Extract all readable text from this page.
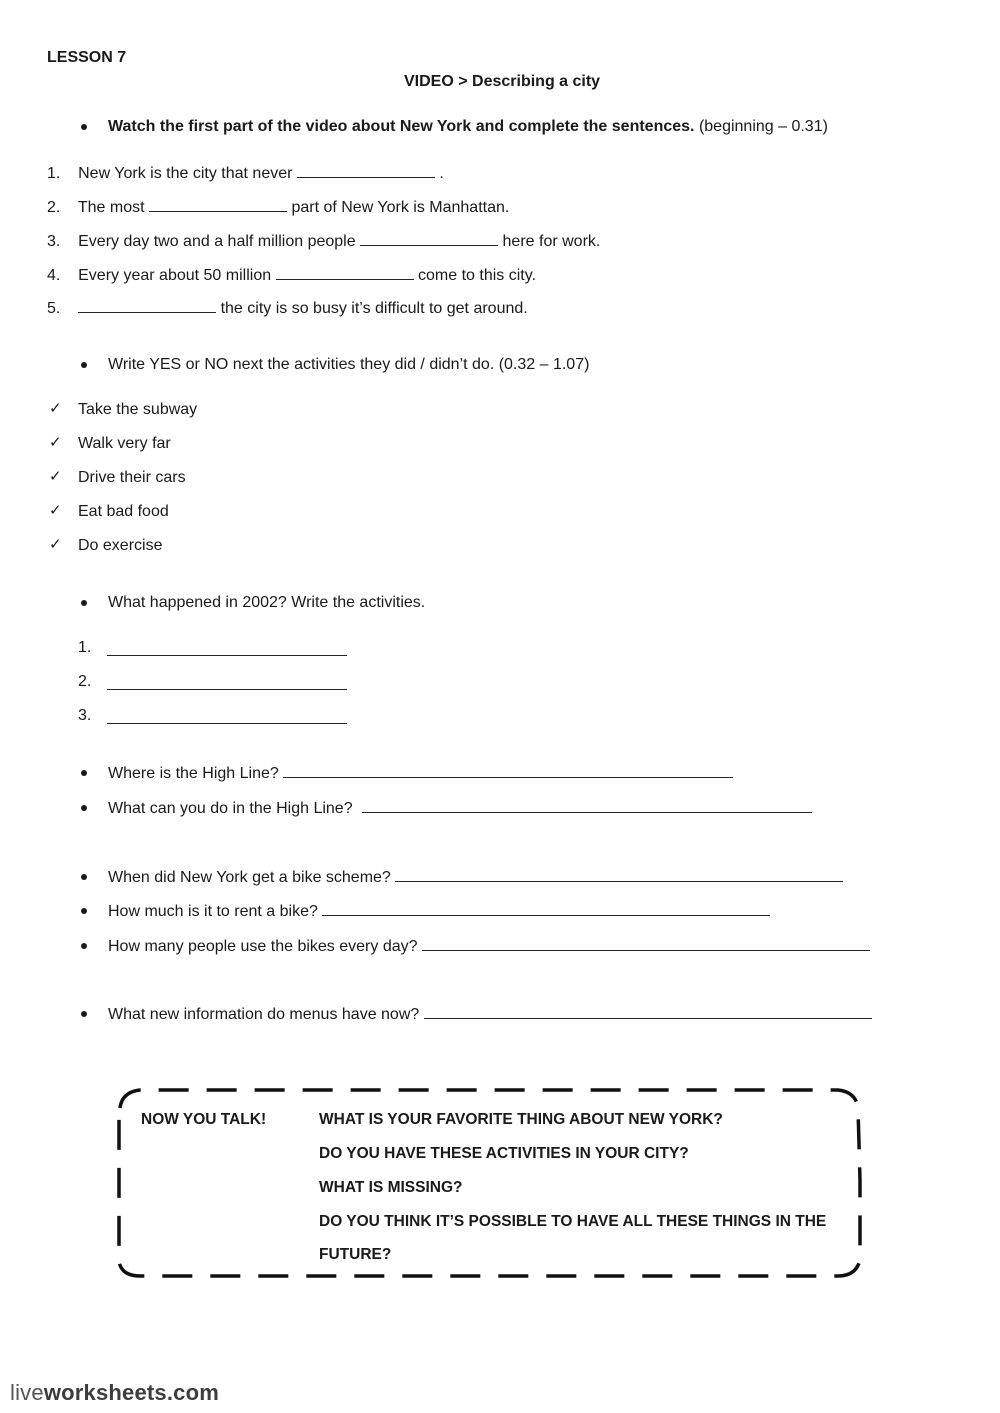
LESSON 7
VIDEO > Describing a city
Watch the first part of the video about New York and complete the sentences. (beginning – 0.31)
1. New York is the city that never	.
2. The most	part of New York is Manhattan.
3. Every day two and a half million people	here for work.
4. Every year about 50 million	come to this city.
5.	the city is so busy it’s difficult to get around.
Write YES or NO next the activities they did / didn’t do. (0.32 – 1.07)
✓ Take the subway
✓ Walk very far
✓ Drive their cars
✓ Eat bad food
✓ Do exercise
What happened in 2002? Write the activities.
1.
2.
3.
Where is the High Line?
What can you do in the High Line?
When did New York get a bike scheme?
How much is it to rent a bike?
How many people use the bikes every day?
What new information do menus have now?
NOW YOU TALK!	WHAT IS YOUR FAVORITE THING ABOUT NEW YORK?
DO YOU HAVE THESE ACTIVITIES IN YOUR CITY?
WHAT IS MISSING?
DO YOU THINK IT’S POSSIBLE TO HAVE ALL THESE THINGS IN THE
FUTURE?
liveworksheets.com
